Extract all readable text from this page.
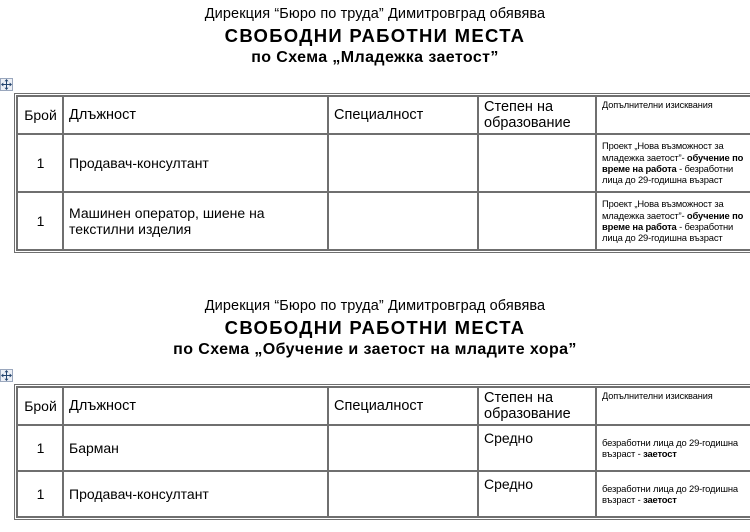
Дирекция “Бюро по труда” Димитровград обявява
СВОБОДНИ РАБОТНИ МЕСТА
по Схема „Младежка заетост”
Брой	Длъжност	Специалност	Степен на образование	Допълнителни изисквания
1	Продавач-консултант			Проект „Нова възможност за младежка заетост”- обучение по време на работа - безработни лица до 29-годишна възраст
1	Машинен оператор, шиене на текстилни изделия			Проект „Нова възможност за младежка заетост”- обучение по време на работа - безработни лица до 29-годишна възраст
Дирекция “Бюро по труда” Димитровград обявява
СВОБОДНИ РАБОТНИ МЕСТА
по Схема „Обучение и заетост на младите хора”
Брой	Длъжност	Специалност	Степен на образование	Допълнителни изисквания
1	Барман		Средно	безработни лица до 29-годишна възраст - заетост
1	Продавач-консултант		Средно	безработни лица до 29-годишна възраст - заетост
